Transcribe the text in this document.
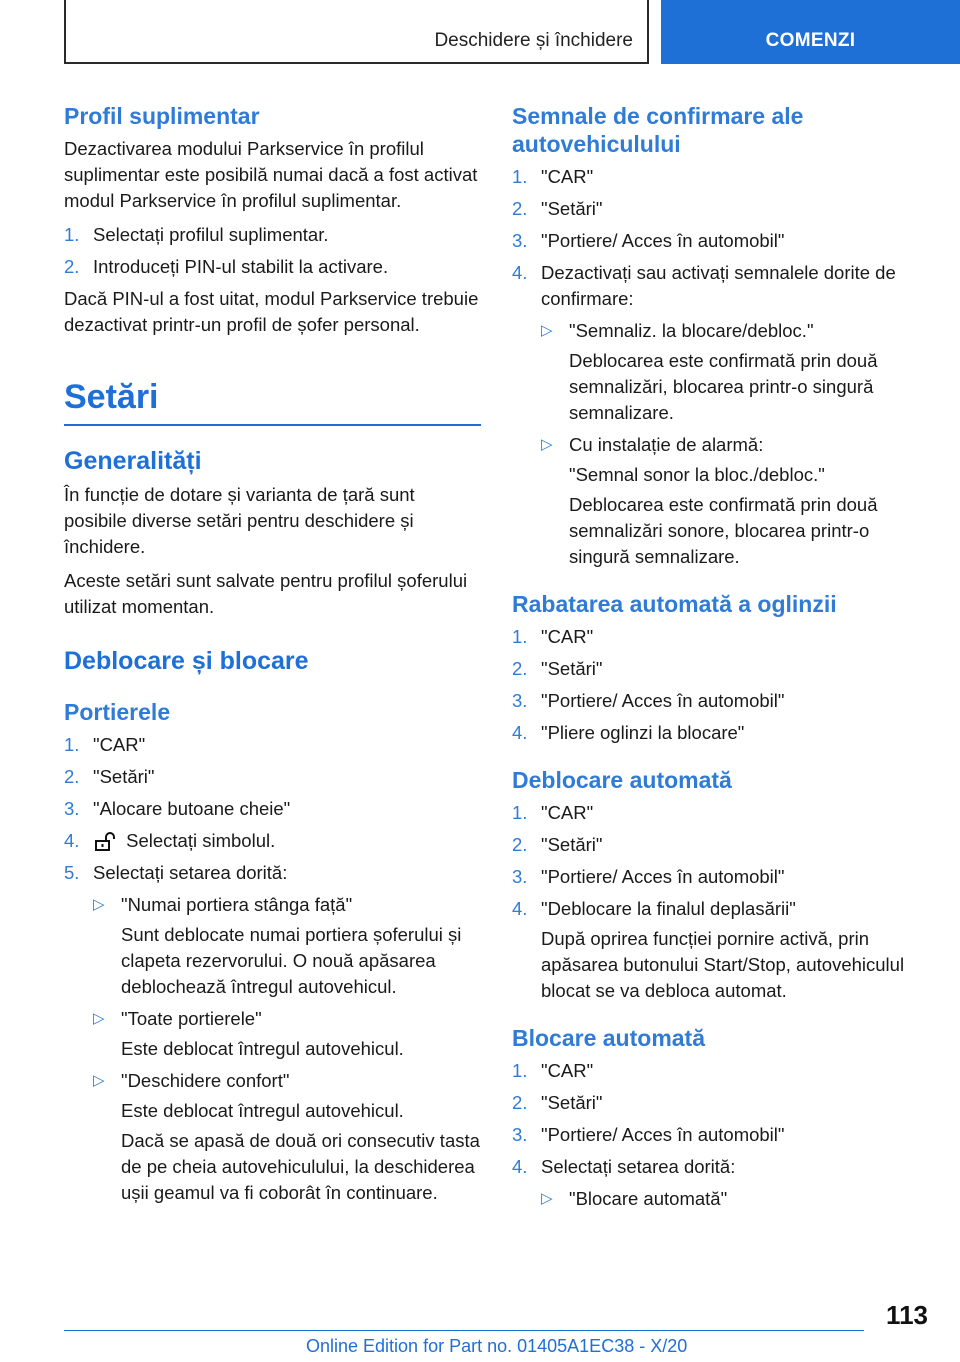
Deschidere și închidere	COMENZI
Profil suplimentar

Dezactivarea modului Parkservice în profilul suplimentar este posibilă numai dacă a fost activat modul Parkservice în profilul suplimentar.

1. Selectați profilul suplimentar.
2. Introduceți PIN-ul stabilit la activare.

Dacă PIN-ul a fost uitat, modul Parkservice trebuie dezactivat printr-un profil de șofer personal.

Setări
Generalități

În funcție de dotare și varianta de țară sunt posibile diverse setări pentru deschidere și închidere.

Aceste setări sunt salvate pentru profilul șoferului utilizat momentan.

Deblocare și blocare
Portierele
1. "CAR"
2. "Setări"
3. "Alocare butoane cheie"
4.	Selectați simbolul.
5. Selectați setarea dorită:
▷ "Numai portiera stânga față"
Sunt deblocate numai portiera șoferului și clapeta rezervorului. O nouă apăsarea deblochează întregul autovehicul.
▷ "Toate portierele"
Este deblocat întregul autovehicul.
▷ "Deschidere confort"
Este deblocat întregul autovehicul.
Dacă se apasă de două ori consecutiv tasta de pe cheia autovehiculului, la deschiderea ușii geamul va fi coborât în continuare.
Semnale de confirmare ale autovehiculului
1. "CAR"
2. "Setări"
3. "Portiere/ Acces în automobil"
4. Dezactivați sau activați semnalele dorite de confirmare:
▷ "Semnaliz. la blocare/debloc."
Deblocarea este confirmată prin două semnalizări, blocarea printr-o singură semnalizare.
▷ Cu instalație de alarmă:
"Semnal sonor la bloc./debloc."
Deblocarea este confirmată prin două semnalizări sonore, blocarea printr-o singură semnalizare.
Rabatarea automată a oglinzii
1. "CAR"
2. "Setări"
3. "Portiere/ Acces în automobil"
4. "Pliere oglinzi la blocare"
Deblocare automată
1. "CAR"
2. "Setări"
3. "Portiere/ Acces în automobil"
4. "Deblocare la finalul deplasării"
După oprirea funcției pornire activă, prin apăsarea butonului Start/Stop, autovehiculul blocat se va debloca automat.
Blocare automată
1. "CAR"
2. "Setări"
3. "Portiere/ Acces în automobil"
4. Selectați setarea dorită:
▷ "Blocare automată"
113
Online Edition for Part no. 01405A1EC38 - X/20
